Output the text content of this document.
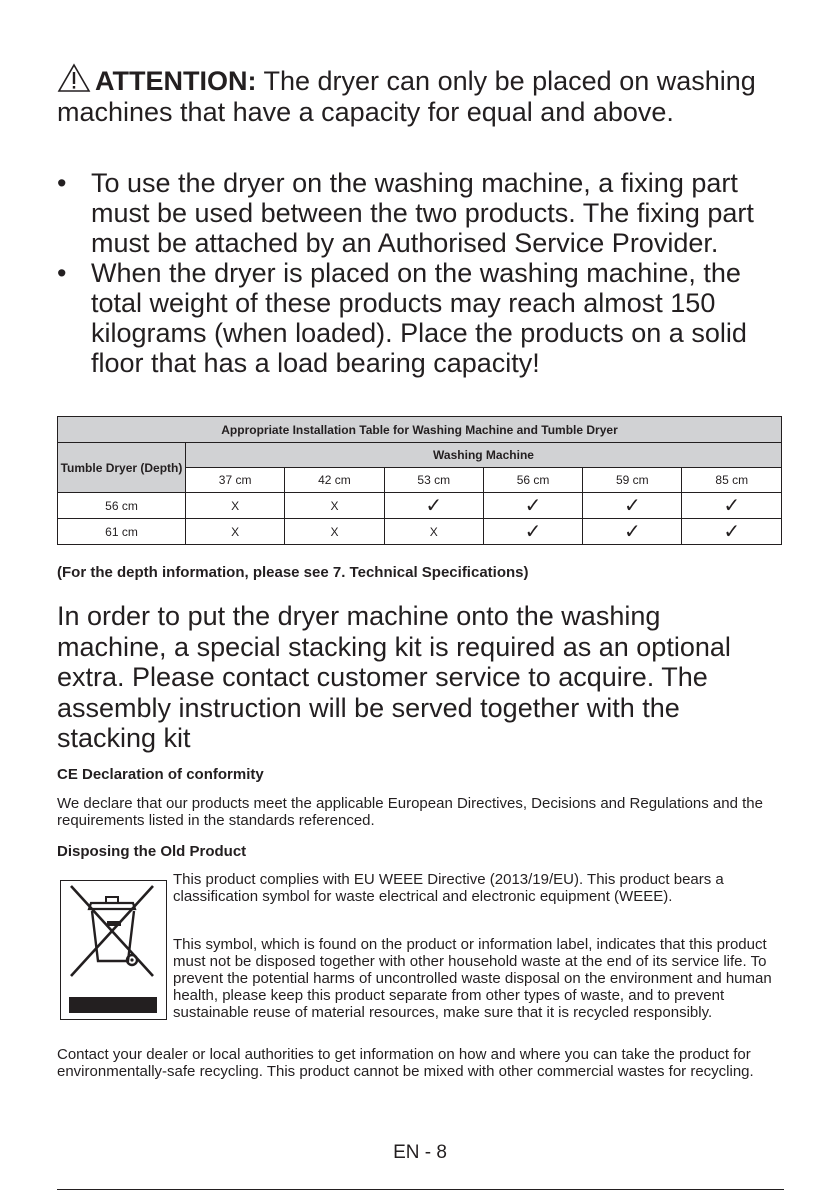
ATTENTION: The dryer can only be placed on washing machines that have a capacity for equal and above.
• To use the dryer on the washing machine, a fixing part must be used between the two products. The fixing part must be attached by an Authorised Service Provider.
• When the dryer is placed on the washing machine, the total weight of these products may reach almost 150 kilograms (when loaded). Place the products on a solid floor that has a load bearing capacity!
Appropriate Installation Table for Washing Machine and Tumble Dryer						
Tumble Dryer (Depth)	Washing Machine					
	37 cm	42 cm	53 cm	56 cm	59 cm	85 cm
56 cm	X	X	✓	✓	✓	✓
61 cm	X	X	X	✓	✓	✓
(For the depth information, please see 7. Technical Specifications)
In order to put the dryer machine onto the washing machine, a special stacking kit is required as an optional extra. Please contact customer service to acquire. The assembly instruction will be served together with the stacking kit
CE Declaration of conformity
We declare that our products meet the applicable European Directives, Decisions and Regulations and the requirements listed in the standards referenced.
Disposing the Old Product
This product complies with EU WEEE Directive (2013/19/EU). This product bears a classification symbol for waste electrical and electronic equipment (WEEE).
This symbol, which is found on the product or information label, indicates that this product must not be disposed together with other household waste at the end of its service life. To prevent the potential harms of uncontrolled waste disposal on the environment and human health, please keep this product separate from other types of waste, and to prevent sustainable reuse of material resources, make sure that it is recycled responsibly.
Contact your dealer or local authorities to get information on how and where you can take the product for environmentally-safe recycling. This product cannot be mixed with other commercial wastes for recycling.
EN - 8
